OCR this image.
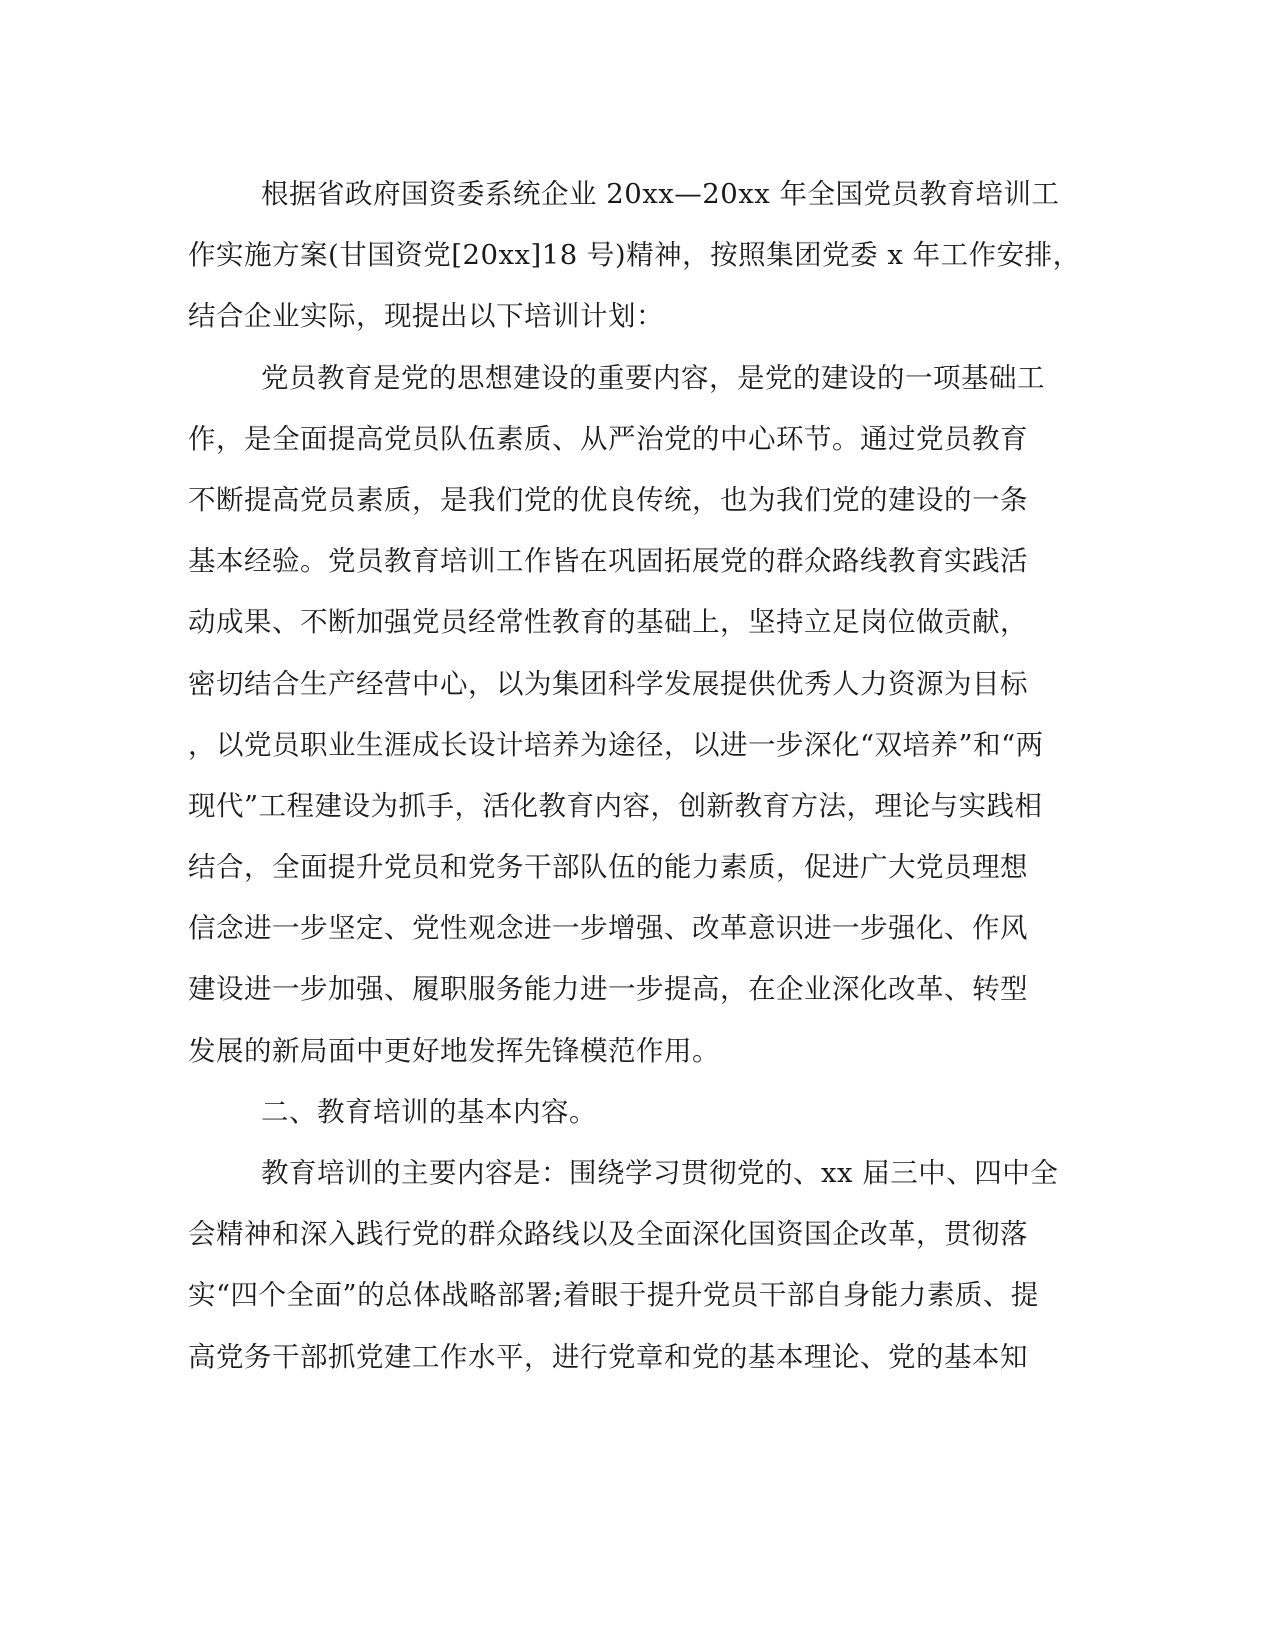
根据省政府国资委系统企业 20xx—20xx 年全国党员教育培训工
作实施方案(甘国资党[20xx]18 号)精神，按照集团党委 x 年工作安排，
结合企业实际，现提出以下培训计划：
党员教育是党的思想建设的重要内容，是党的建设的一项基础工
作，是全面提高党员队伍素质、从严治党的中心环节。通过党员教育
不断提高党员素质，是我们党的优良传统，也为我们党的建设的一条
基本经验。党员教育培训工作皆在巩固拓展党的群众路线教育实践活
动成果、不断加强党员经常性教育的基础上，坚持立足岗位做贡献，
密切结合生产经营中心，以为集团科学发展提供优秀人力资源为目标
，以党员职业生涯成长设计培养为途径，以进一步深化“双培养”和“两
现代”工程建设为抓手，活化教育内容，创新教育方法，理论与实践相
结合，全面提升党员和党务干部队伍的能力素质，促进广大党员理想
信念进一步坚定、党性观念进一步增强、改革意识进一步强化、作风
建设进一步加强、履职服务能力进一步提高，在企业深化改革、转型
发展的新局面中更好地发挥先锋模范作用。
二、教育培训的基本内容。
教育培训的主要内容是：围绕学习贯彻党的、xx 届三中、四中全
会精神和深入践行党的群众路线以及全面深化国资国企改革，贯彻落
实“四个全面”的总体战略部署;着眼于提升党员干部自身能力素质、提
高党务干部抓党建工作水平，进行党章和党的基本理论、党的基本知
